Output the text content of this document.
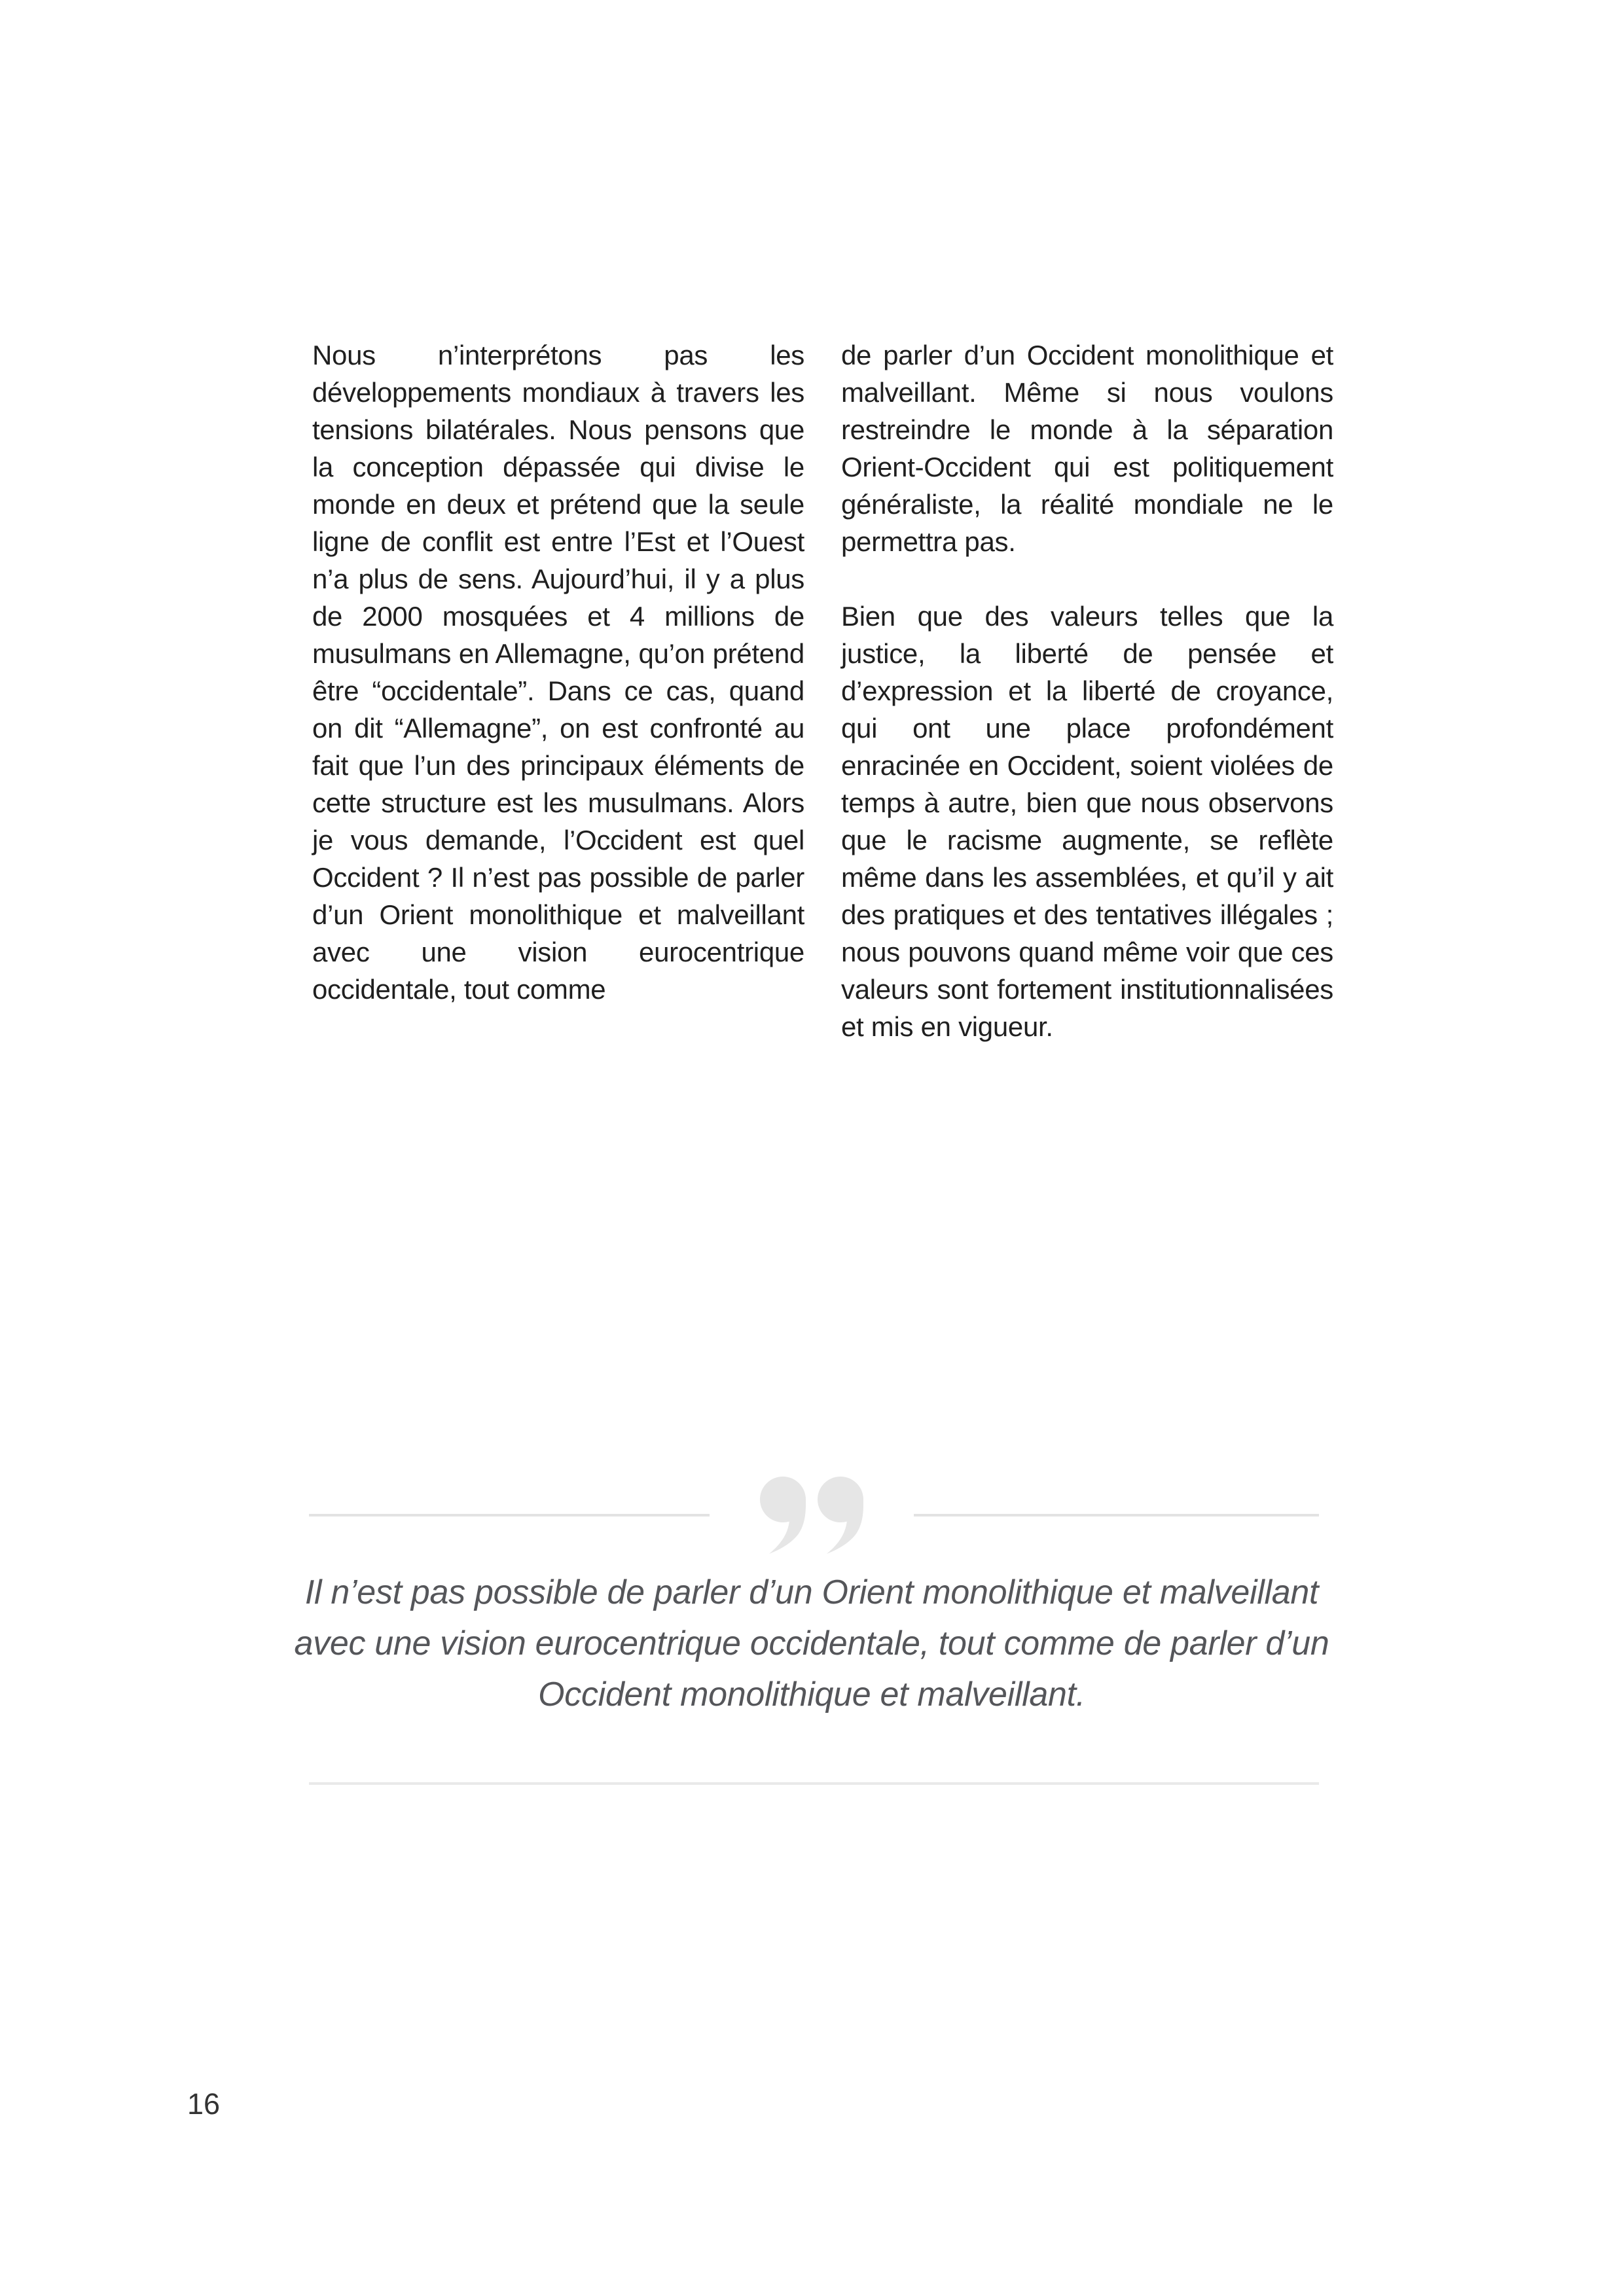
Nous n’interprétons pas les développements mondiaux à travers les tensions bilatérales. Nous pensons que la conception dépassée qui divise le monde en deux et prétend que la seule ligne de conflit est entre l’Est et l’Ouest n’a plus de sens. Aujourd’hui, il y a plus de 2000 mosquées et 4 millions de musulmans en Allemagne, qu’on prétend être “occidentale”. Dans ce cas, quand on dit “Allemagne”, on est confronté au fait que l’un des principaux éléments de cette structure est les musulmans. Alors je vous demande, l’Occident est quel Occident ? Il n’est pas possible de parler d’un Orient monolithique et malveillant avec une vision eurocentrique occidentale, tout comme

de parler d’un Occident monolithique et malveillant. Même si nous voulons restreindre le monde à la séparation Orient-Occident qui est politiquement généraliste, la réalité mondiale ne le permettra pas.

Bien que des valeurs telles que la justice, la liberté de pensée et d’expression et la liberté de croyance, qui ont une place profondément enracinée en Occident, soient violées de temps à autre, bien que nous observons que le racisme augmente, se reflète même dans les assemblées, et qu’il y ait des pratiques et des tentatives illégales ; nous pouvons quand même voir que ces valeurs sont fortement institutionnalisées et mis en vigueur.

Il n’est pas possible de parler d’un Orient monolithique et malveillant avec une vision eurocentrique occidentale, tout comme de parler d’un Occident monolithique et malveillant.

16
